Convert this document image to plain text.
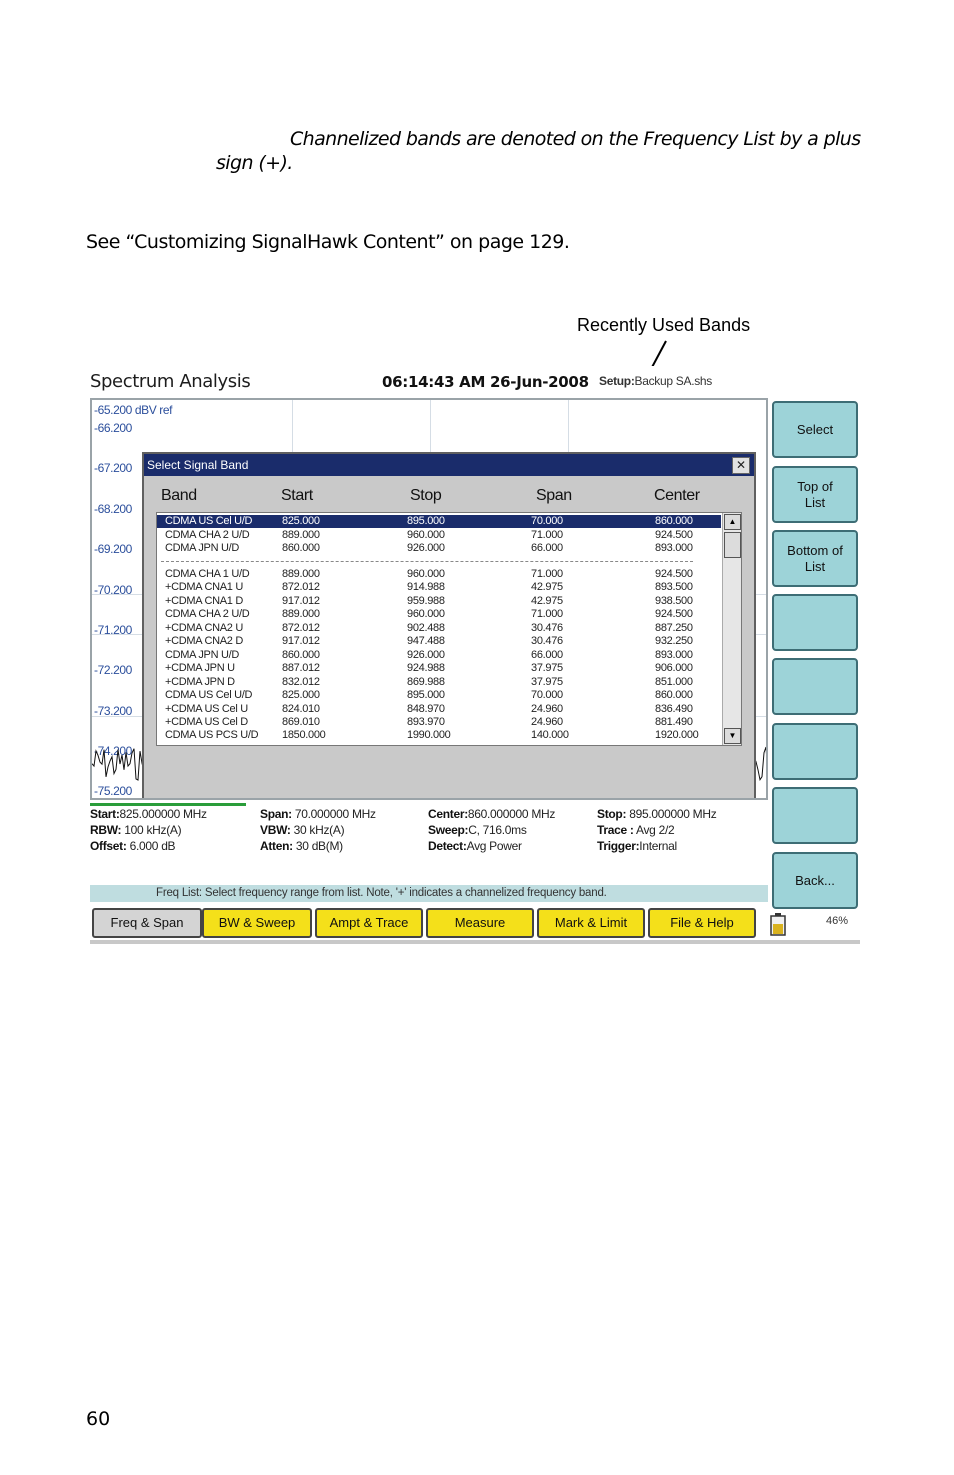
Channelized bands are denoted on the Frequency List by a plus
sign (+).
See “Customizing SignalHawk Content” on page 129.
Recently Used Bands
Spectrum Analysis	06:14:43 AM 26-Jun-2008 Setup:Backup SA.shs
-65.200 dBV ref
-66.200
-67.200
-68.200
-69.200
-70.200
-71.200
-72.200
-73.200
-74.200
-75.200
Select Signal Band	✕
Band	Start	Stop	Span	Center
CDMA US Cel U/D	825.000	895.000	70.000	860.000
CDMA CHA 2 U/D	889.000	960.000	71.000	924.500
CDMA JPN U/D	860.000	926.000	66.000	893.000
CDMA CHA 1 U/D	889.000	960.000	71.000	924.500
+CDMA CNA1 U	872.012	914.988	42.975	893.500
+CDMA CNA1 D	917.012	959.988	42.975	938.500
CDMA CHA 2 U/D	889.000	960.000	71.000	924.500
+CDMA CNA2 U	872.012	902.488	30.476	887.250
+CDMA CNA2 D	917.012	947.488	30.476	932.250
CDMA JPN U/D	860.000	926.000	66.000	893.000
+CDMA JPN U	887.012	924.988	37.975	906.000
+CDMA JPN D	832.012	869.988	37.975	851.000
CDMA US Cel U/D	825.000	895.000	70.000	860.000
+CDMA US Cel U	824.010	848.970	24.960	836.490
+CDMA US Cel D	869.010	893.970	24.960	881.490
CDMA US PCS U/D 1850.000	1990.000	140.000	1920.000
▲
▼
Select
Top of
List
Bottom of
List
Back...
Start:825.000000 MHz	Span: 70.000000 MHz	Center:860.000000 MHz	Stop: 895.000000 MHz
RBW: 100 kHz(A)	VBW: 30 kHz(A)	Sweep:C, 716.0ms	Trace : Avg 2/2
Offset: 6.000 dB	Atten: 30 dB(M)	Detect:Avg Power	Trigger:Internal
Freq List: Select frequency range from list. Note, '+' indicates a channelized frequency band.
Freq & Span	BW & Sweep	Ampt & Trace	Measure	Mark & Limit	File & Help	46%
60
